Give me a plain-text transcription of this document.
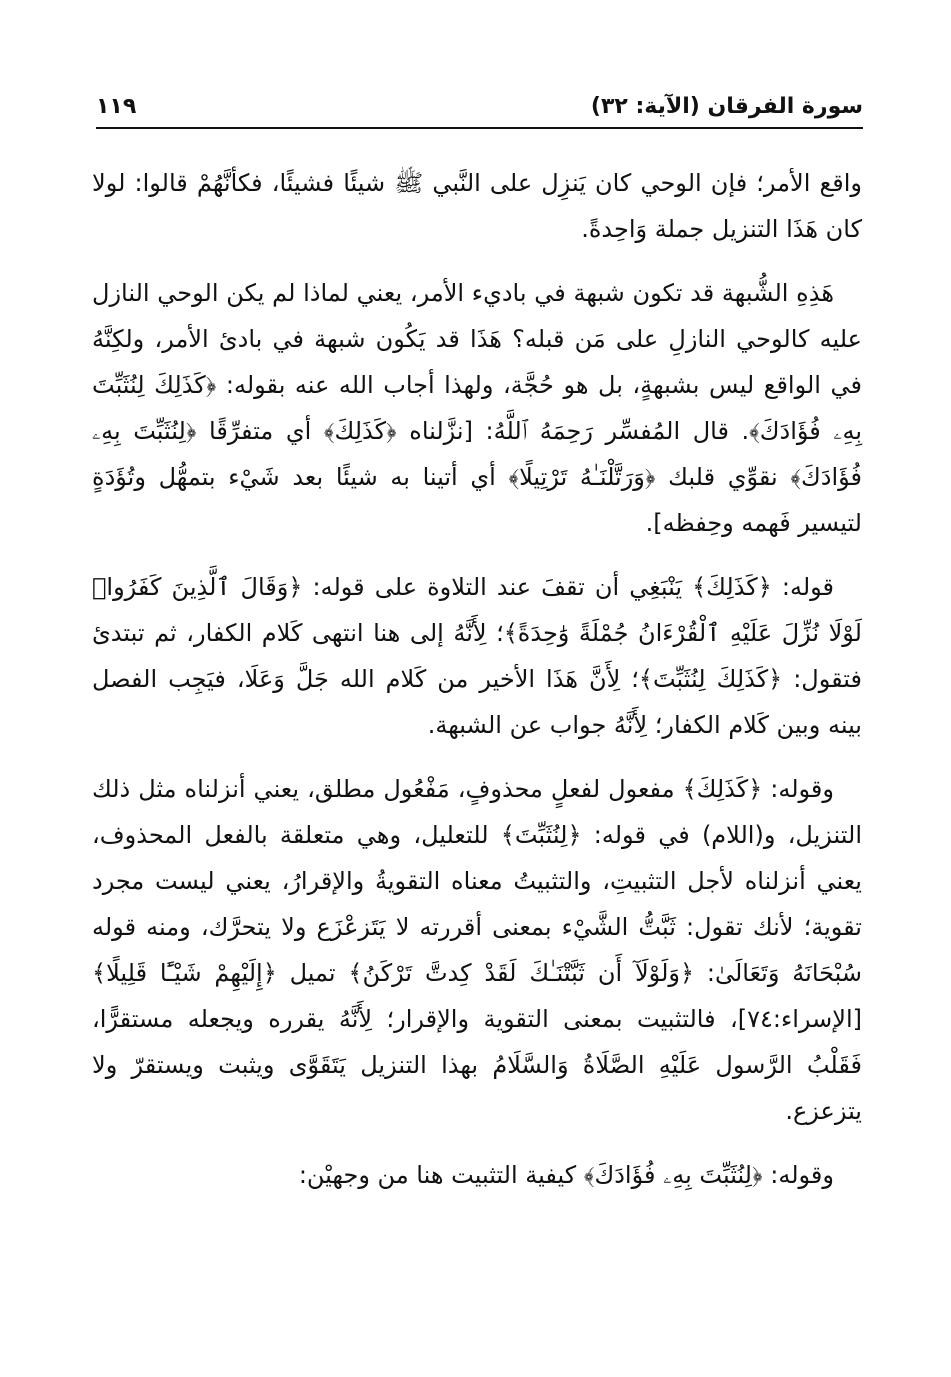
سورة الفرقان (الآية: ٣٢)
١١٩

واقع الأمر؛ فإن الوحي كان يَنزِل على النَّبي ﷺ شيئًا فشيئًا، فكأنَّهُمْ قالوا: لولا كان هَذَا التنزيل جملة وَاحِدةً.

هَذِهِ الشُّبهة قد تكون شبهة في باديء الأمر، يعني لماذا لم يكن الوحي النازل عليه كالوحي النازلِ على مَن قبله؟ هَذَا قد يَكُون شبهة في بادئ الأمر، ولكِنَّهُ في الواقع ليس بشبهةٍ، بل هو حُجَّة، ولهذا أجاب الله عنه بقوله: ﴿كَذَلِكَ لِنُثَبِّتَ بِهِۦ فُؤَادَكَ﴾. قال المُفسِّر رَحِمَهُ ٱللَّهُ: [نزَّلناه ﴿كَذَلِكَ﴾ أي متفرِّقًا ﴿لِنُثَبِّتَ بِهِۦ فُؤَادَكَ﴾ نقوِّي قلبك ﴿وَرَتَّلْنَـٰهُ تَرْتِيلًا﴾ أي أتينا به شيئًا بعد شَيْء بتمهُّل وتُؤَدَةٍ لتيسير فَهمه وحِفظه].

قوله: ﴿كَذَلِكَ﴾ يَنْبَغِي أن تقفَ عند التلاوة على قوله: ﴿وَقَالَ ٱلَّذِينَ كَفَرُوا۟ لَوْلَا نُزِّلَ عَلَيْهِ ٱلْقُرْءَانُ جُمْلَةً وَٰحِدَةً﴾؛ لِأَنَّهُ إلى هنا انتهى كَلام الكفار، ثم تبتدئ فتقول: ﴿كَذَلِكَ لِنُثَبِّتَ﴾؛ لِأَنَّ هَذَا الأخير من كَلام الله جَلَّ وَعَلَا، فيَجِب الفصل بينه وبين كَلام الكفار؛ لِأَنَّهُ جواب عن الشبهة.

وقوله: ﴿كَذَلِكَ﴾ مفعول لفعلٍ محذوفٍ، مَفْعُول مطلق، يعني أنزلناه مثل ذلك التنزيل، و(اللام) في قوله: ﴿لِنُثَبِّتَ﴾ للتعليل، وهي متعلقة بالفعل المحذوف، يعني أنزلناه لأجل التثبيتِ، والتثبيتُ معناه التقويةُ والإقرارُ، يعني ليست مجرد تقوية؛ لأنك تقول: ثَبَّتُّ الشَّيْء بمعنى أقررته لا يَتَزعْزَع ولا يتحرَّك، ومنه قوله سُبْحَانَهُ وَتَعَالَىٰ: ﴿وَلَوْلَآ أَن ثَبَّتْنَـٰكَ لَقَدْ كِدتَّ تَرْكَنُ﴾ تميل ﴿إِلَيْهِمْ شَيْـًٔا قَلِيلًا﴾ [الإسراء:٧٤]، فالتثبيت بمعنى التقوية والإقرار؛ لِأَنَّهُ يقرره ويجعله مستقرًّا، فَقَلْبُ الرَّسول عَلَيْهِ الصَّلَاةُ وَالسَّلَامُ بهذا التنزيل يَتَقَوَّى ويثبت ويستقرّ ولا يتزعزع.

وقوله: ﴿لِنُثَبِّتَ بِهِۦ فُؤَادَكَ﴾ كيفية التثبيت هنا من وجهيْن:
